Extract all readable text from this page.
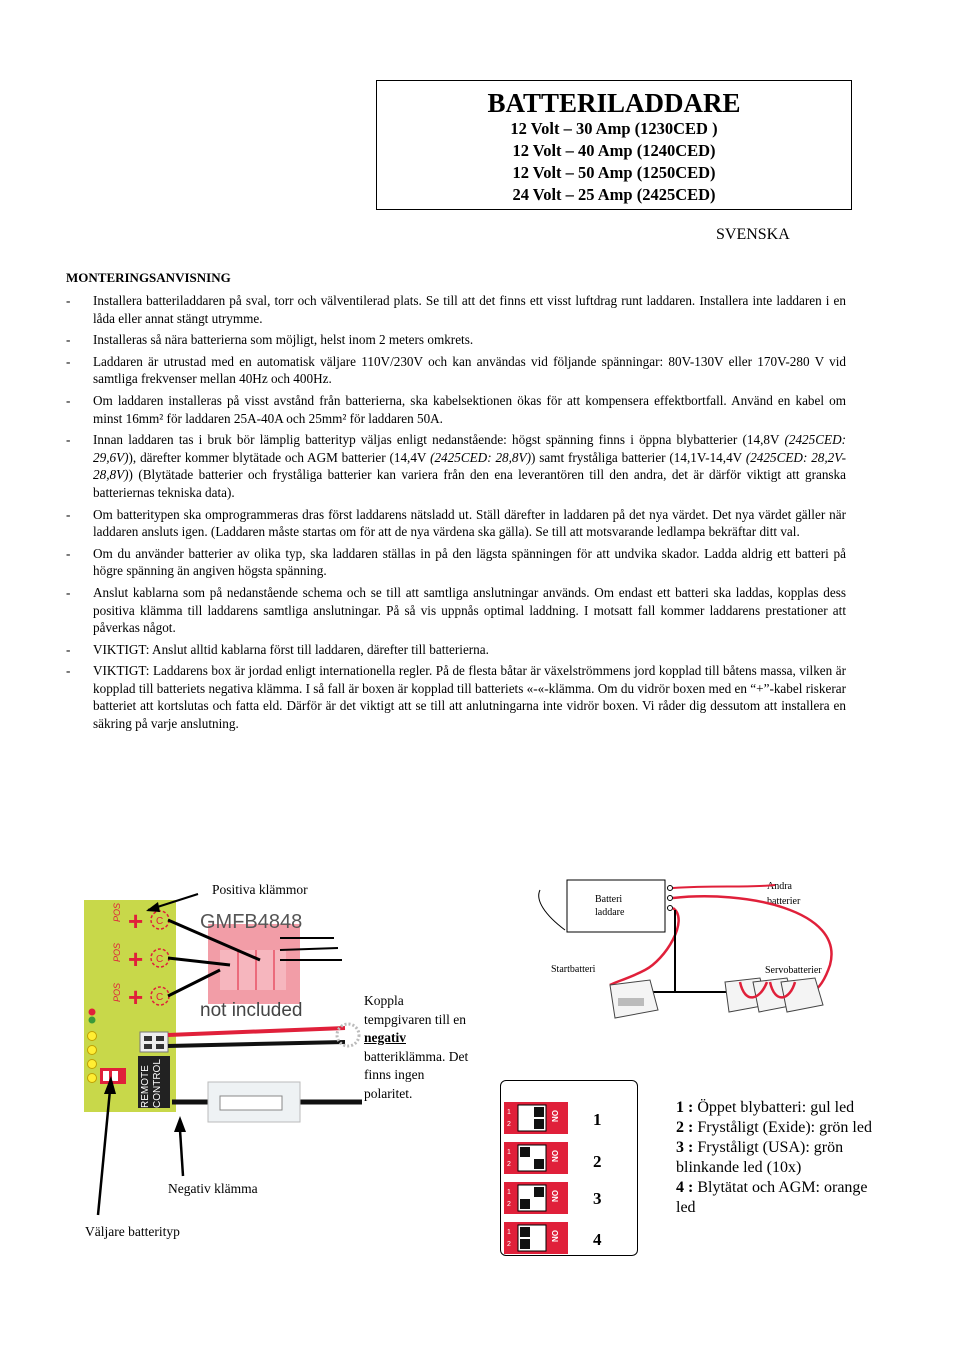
BATTERILADDARE
12 Volt – 30 Amp (1230CED )
12 Volt – 40 Amp (1240CED)
12 Volt – 50 Amp (1250CED)
24 Volt – 25 Amp (2425CED)
SVENSKA
MONTERINGSANVISNING
- Installera batteriladdaren på sval, torr och välventilerad plats. Se till att det finns ett visst luftdrag runt laddaren. Installera inte laddaren i en låda eller annat stängt utrymme.
- Installeras så nära batterierna som möjligt, helst inom 2 meters omkrets.
- Laddaren är utrustad med en automatisk väljare 110V/230V och kan användas vid följande spänningar: 80V-130V eller 170V-280 V vid samtliga frekvenser mellan 40Hz och 400Hz.
- Om laddaren installeras på visst avstånd från batterierna, ska kabelsektionen ökas för att kompensera effektbortfall. Använd en kabel om minst 16mm² för laddaren 25A-40A och 25mm² för laddaren 50A.
- Innan laddaren tas i bruk bör lämplig batterityp väljas enligt nedanstående: högst spänning finns i öppna blybatterier (14,8V (2425CED: 29,6V)), därefter kommer blytätade och AGM batterier (14,4V (2425CED: 28,8V)) samt fryståliga batterier (14,1V-14,4V (2425CED: 28,2V-28,8V)) (Blytätade batterier och fryståliga batterier kan variera från den ena leverantören till den andra, det är därför viktigt att granska batteriernas tekniska data).
- Om batteritypen ska omprogrammeras dras först laddarens nätsladd ut. Ställ därefter in laddaren på det nya värdet. Det nya värdet gäller när laddaren ansluts igen. (Laddaren måste startas om för att de nya värdena ska gälla). Se till att motsvarande ledlampa bekräftar ditt val.
- Om du använder batterier av olika typ, ska laddaren ställas in på den lägsta spänningen för att undvika skador. Ladda aldrig ett batteri på högre spänning än angiven högsta spänning.
- Anslut kablarna som på nedanstående schema och se till att samtliga anslutningar används. Om endast ett batteri ska laddas, kopplas dess positiva klämma till laddarens samtliga anslutningar. På så vis uppnås optimal laddning. I motsatt fall kommer laddarens prestationer att påverkas något.
- VIKTIGT: Anslut alltid kablarna först till laddaren, därefter till batterierna.
- VIKTIGT: Laddarens box är jordad enligt internationella regler. På de flesta båtar är växelströmmens jord kopplad till båtens massa, vilken är kopplad till batteriets negativa klämma. I så fall är boxen är kopplad till batteriets «-«-klämma. Om du vidrör boxen med en “+”-kabel riskerar batteriet att kortslutas och fatta eld. Därför är det viktigt att se till att anlutningarna inte vidrör boxen. Vi råder dig dessutom att installera en säkring på varje anslutning.
POS
POS
POS
+
+
+
C
C
C
REMOTE CONTROL
GMFB4848
not included
Positiva klämmor
Negativ klämma
Väljare batterityp
Koppla tempgivaren till en negativ batteriklämma. Det finns ingen polaritet.
Batteri
laddare
Andra
batterier
Startbatteri	Servobatterier
1
2
ON
1
2
ON
1
2
ON
1
2
ON
1
2
3
4

1 : Öppet blybatteri: gul led

2 : Fryståligt (Exide): grön led

3 : Fryståligt (USA): grön blinkande led (10x)

4 : Blytätat och AGM: orange led
